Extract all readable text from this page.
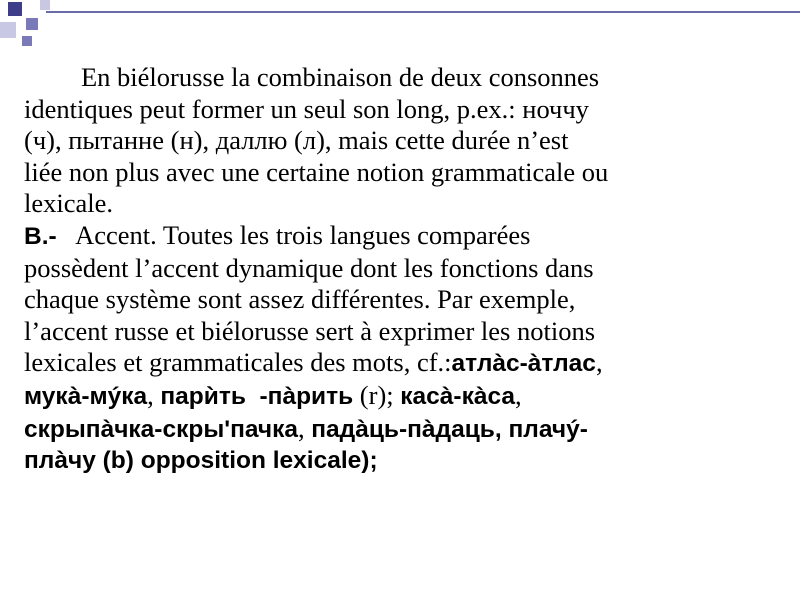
En biélorusse la combinaison de deux consonnes
identiques peut former un seul son long, p.ex.: ноччу
(ч), пытанне (н), даллю (л), mais cette durée n’est
liée non plus avec une certaine notion grammaticale ou
lexicale.
B.-   Accent. Toutes les trois langues comparées
possèdent l’accent dynamique dont les fonctions dans
chaque système sont assez différentes. Par exemple,
l’accent russe et biélorusse sert à exprimer les notions
lexicales et grammaticales des mots, cf.:атлàс-àтлас,
мукà-мýка, парѝть  -пàрить (r); касà-кàса,
скрыпàчка-скры'пачка, падàць-пàдаць, плачý-
плàчу (b) opposition lexicale);
